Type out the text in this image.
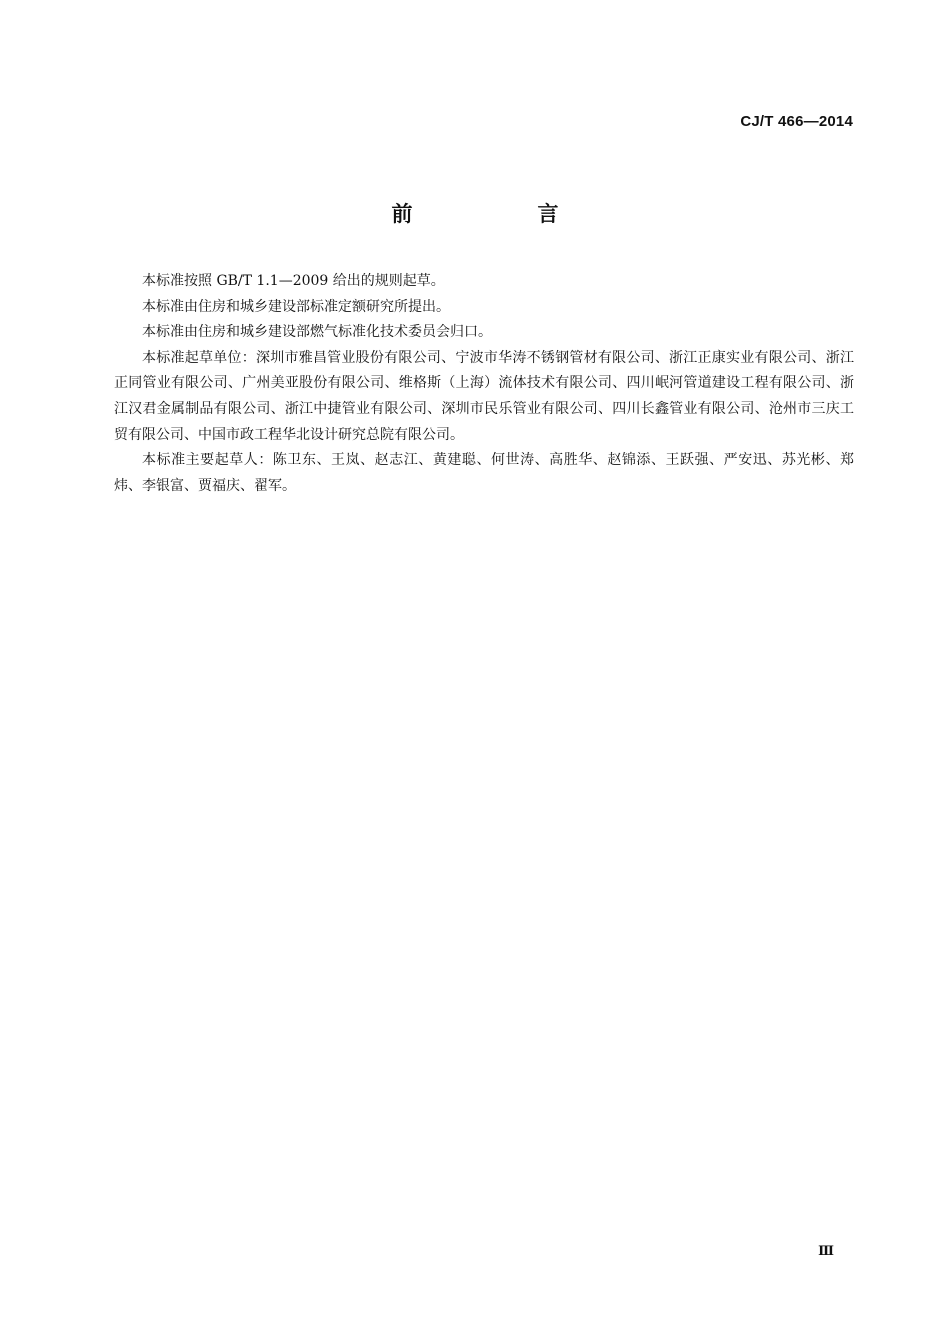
CJ/T 466—2014
前　言

本标准按照 GB/T 1.1—2009 给出的规则起草。

本标准由住房和城乡建设部标准定额研究所提出。

本标准由住房和城乡建设部燃气标准化技术委员会归口。

本标准起草单位：深圳市雅昌管业股份有限公司、宁波市华涛不锈钢管材有限公司、浙江正康实业有限公司、浙江正同管业有限公司、广州美亚股份有限公司、维格斯（上海）流体技术有限公司、四川岷河管道建设工程有限公司、浙江汉君金属制品有限公司、浙江中捷管业有限公司、深圳市民乐管业有限公司、四川长鑫管业有限公司、沧州市三庆工贸有限公司、中国市政工程华北设计研究总院有限公司。

本标准主要起草人：陈卫东、王岚、赵志江、黄建聪、何世涛、高胜华、赵锦添、王跃强、严安迅、苏光彬、郑炜、李银富、贾福庆、翟军。

Ⅲ
